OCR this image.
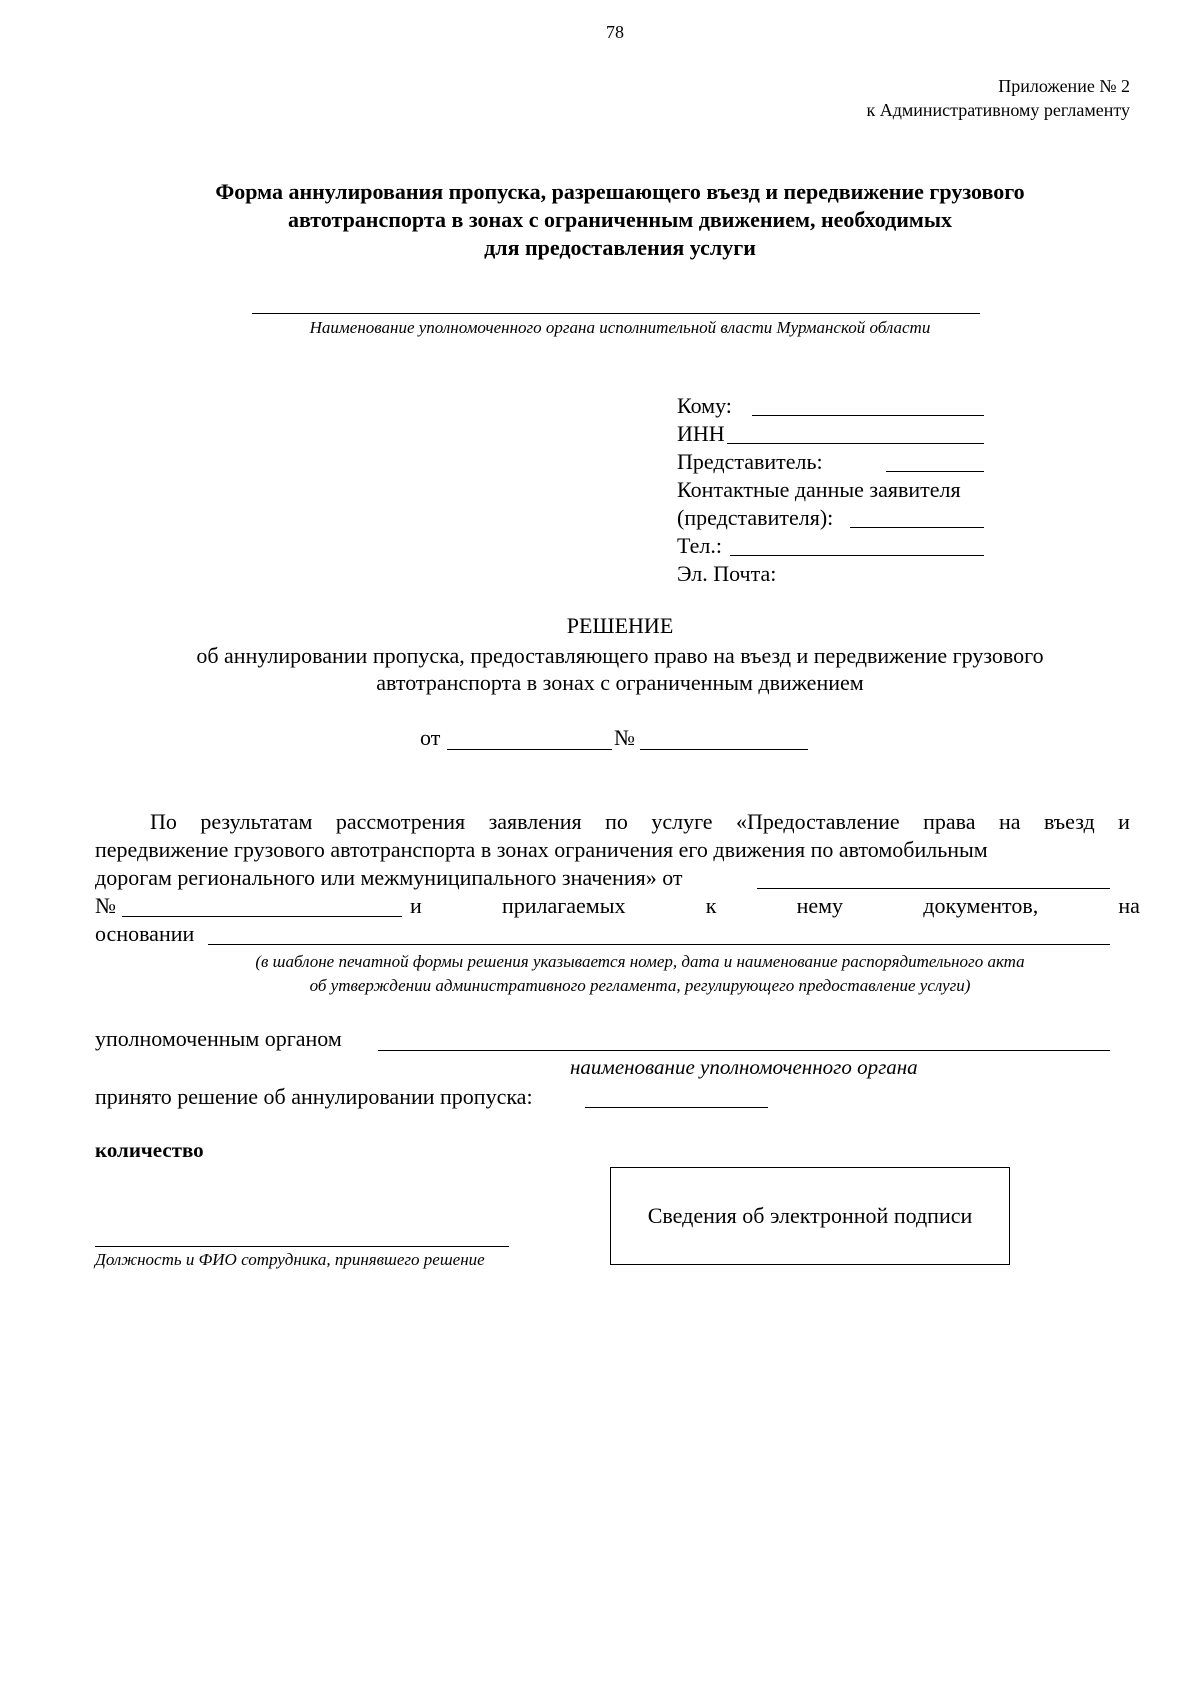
78
Приложение № 2
к Административному регламенту
Форма аннулирования пропуска, разрешающего въезд и передвижение грузового
автотранспорта в зонах с ограниченным движением, необходимых
для предоставления услуги
Наименование уполномоченного органа исполнительной власти Мурманской области
Кому:
ИНН
Представитель:
Контактные данные заявителя
(представителя):
Тел.:
Эл. Почта:
РЕШЕНИЕ
об аннулировании пропуска, предоставляющего право на въезд и передвижение грузового
автотранспорта в зонах с ограниченным движением
от	№
По результатам рассмотрения заявления по услуге «Предоставление права на въезд и
передвижение грузового автотранспорта в зонах ограничения его движения по автомобильным
дорогам регионального или межмуниципального значения» от
№	и	прилагаемых	к	нему	документов,	на
основании
(в шаблоне печатной формы решения указывается номер, дата и наименование распорядительного акта
об утверждении административного регламента, регулирующего предоставление услуги)
уполномоченным органом
наименование уполномоченного органа
принято решение об аннулировании пропуска:
количество
Сведения об электронной подписи
Должность и ФИО сотрудника, принявшего решение
